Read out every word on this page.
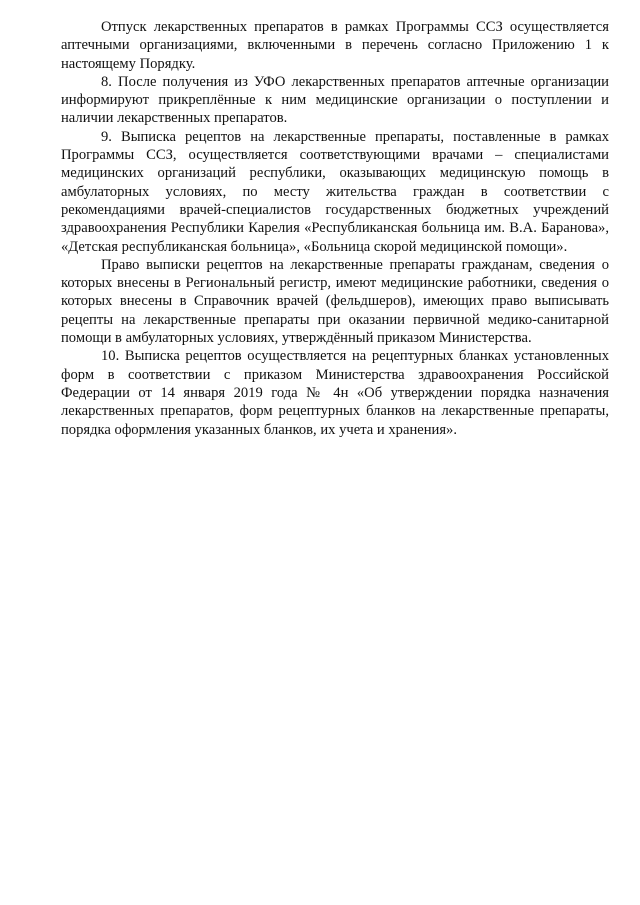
Отпуск лекарственных препаратов в рамках Программы ССЗ осуществляется аптечными организациями, включенными в перечень согласно Приложению 1 к настоящему Порядку.

8. После получения из УФО лекарственных препаратов аптечные организации информируют прикреплённые к ним медицинские организации о поступлении и наличии лекарственных препаратов.

9. Выписка рецептов на лекарственные препараты, поставленные в рамках Программы ССЗ, осуществляется соответствующими врачами – специалистами медицинских организаций республики, оказывающих медицинскую помощь в амбулаторных условиях, по месту жительства граждан в соответствии с рекомендациями врачей-специалистов государственных бюджетных учреждений здравоохранения Республики Карелия «Республиканская больница им. В.А. Баранова», «Детская республиканская больница», «Больница скорой медицинской помощи».

Право выписки рецептов на лекарственные препараты гражданам, сведения о которых внесены в Региональный регистр, имеют медицинские работники, сведения о которых внесены в Справочник врачей (фельдшеров), имеющих право выписывать рецепты на лекарственные препараты при оказании первичной медико-санитарной помощи в амбулаторных условиях, утверждённый приказом Министерства.

10. Выписка рецептов осуществляется на рецептурных бланках установленных форм в соответствии с приказом Министерства здравоохранения Российской Федерации от 14 января 2019 года № 4н «Об утверждении порядка назначения лекарственных препаратов, форм рецептурных бланков на лекарственные препараты, порядка оформления указанных бланков, их учета и хранения».
